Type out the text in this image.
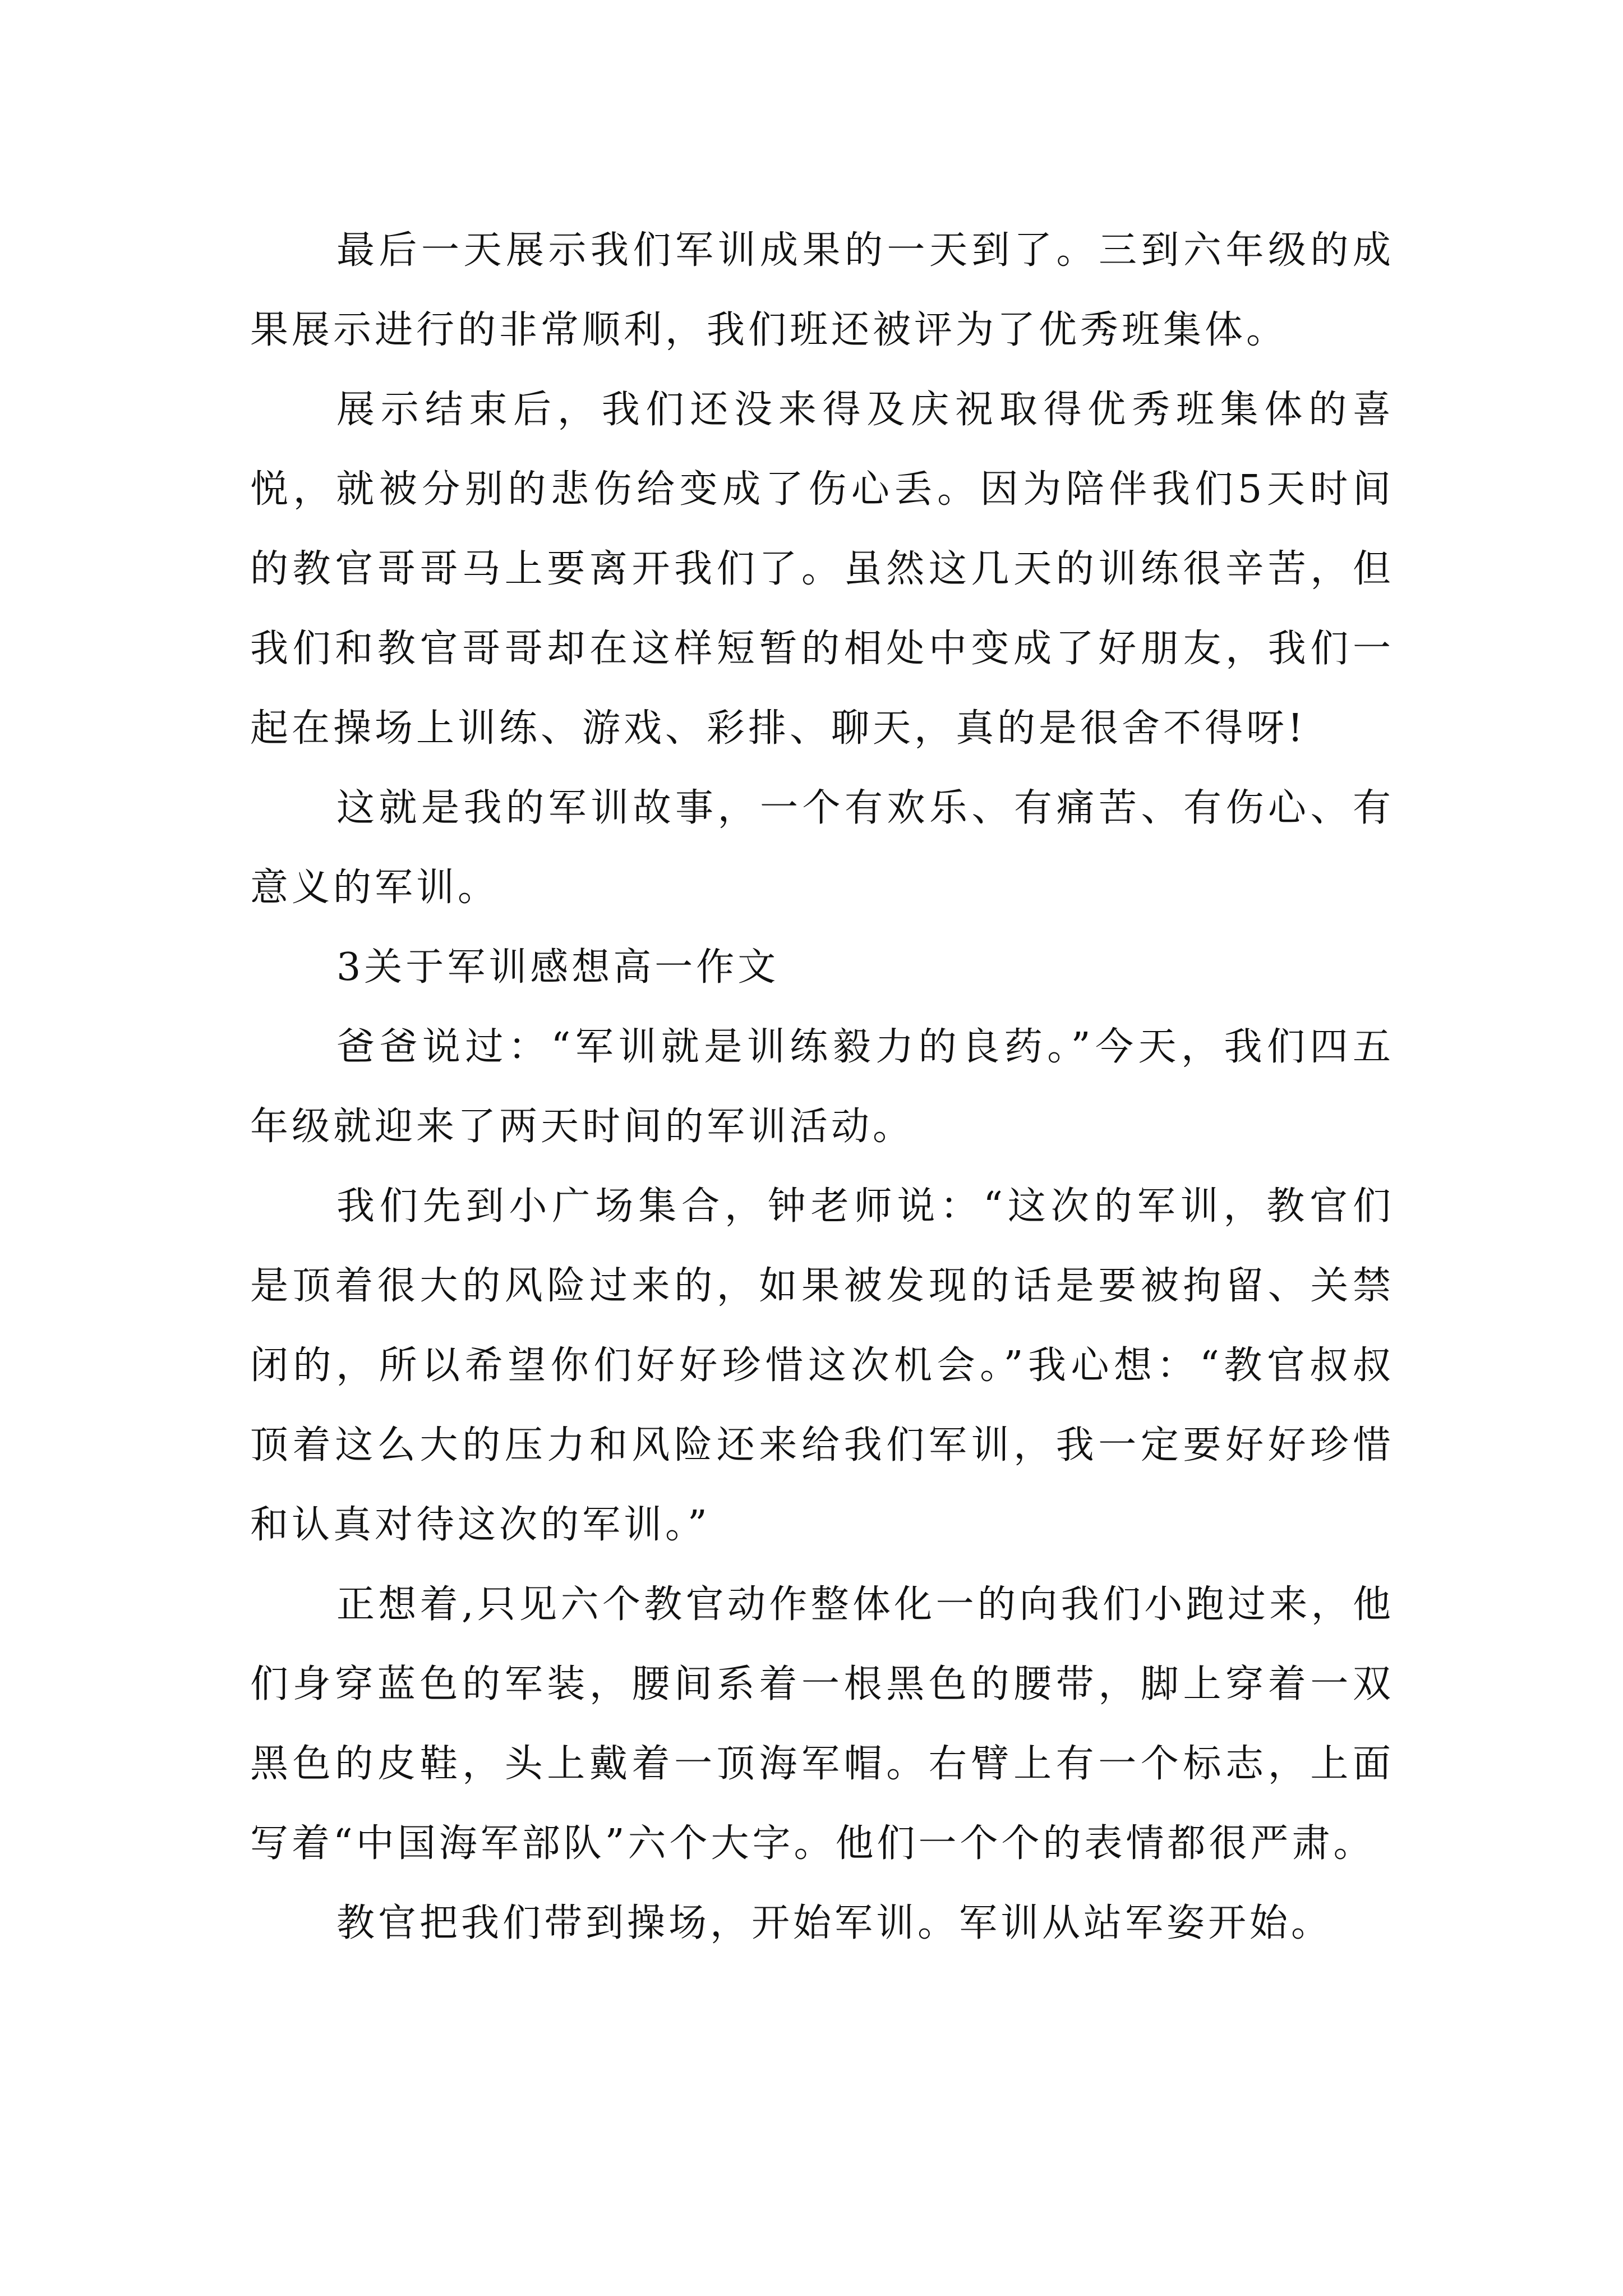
最后一天展示我们军训成果的一天到了。三到六年级的成果展示进行的非常顺利，我们班还被评为了优秀班集体。

展示结束后，我们还没来得及庆祝取得优秀班集体的喜悦，就被分别的悲伤给变成了伤心丢。因为陪伴我们5天时间的教官哥哥马上要离开我们了。虽然这几天的训练很辛苦，但我们和教官哥哥却在这样短暂的相处中变成了好朋友，我们一起在操场上训练、游戏、彩排、聊天，真的是很舍不得呀!

这就是我的军训故事，一个有欢乐、有痛苦、有伤心、有意义的军训。

3关于军训感想高一作文

爸爸说过：“军训就是训练毅力的良药。”今天，我们四五年级就迎来了两天时间的军训活动。

我们先到小广场集合，钟老师说：“这次的军训，教官们是顶着很大的风险过来的，如果被发现的话是要被拘留、关禁闭的，所以希望你们好好珍惜这次机会。”我心想：“教官叔叔顶着这么大的压力和风险还来给我们军训，我一定要好好珍惜和认真对待这次的军训。”

正想着,只见六个教官动作整体化一的向我们小跑过来，他们身穿蓝色的军装，腰间系着一根黑色的腰带，脚上穿着一双黑色的皮鞋，头上戴着一顶海军帽。右臂上有一个标志，上面写着“中国海军部队”六个大字。他们一个个的表情都很严肃。

教官把我们带到操场，开始军训。军训从站军姿开始。
